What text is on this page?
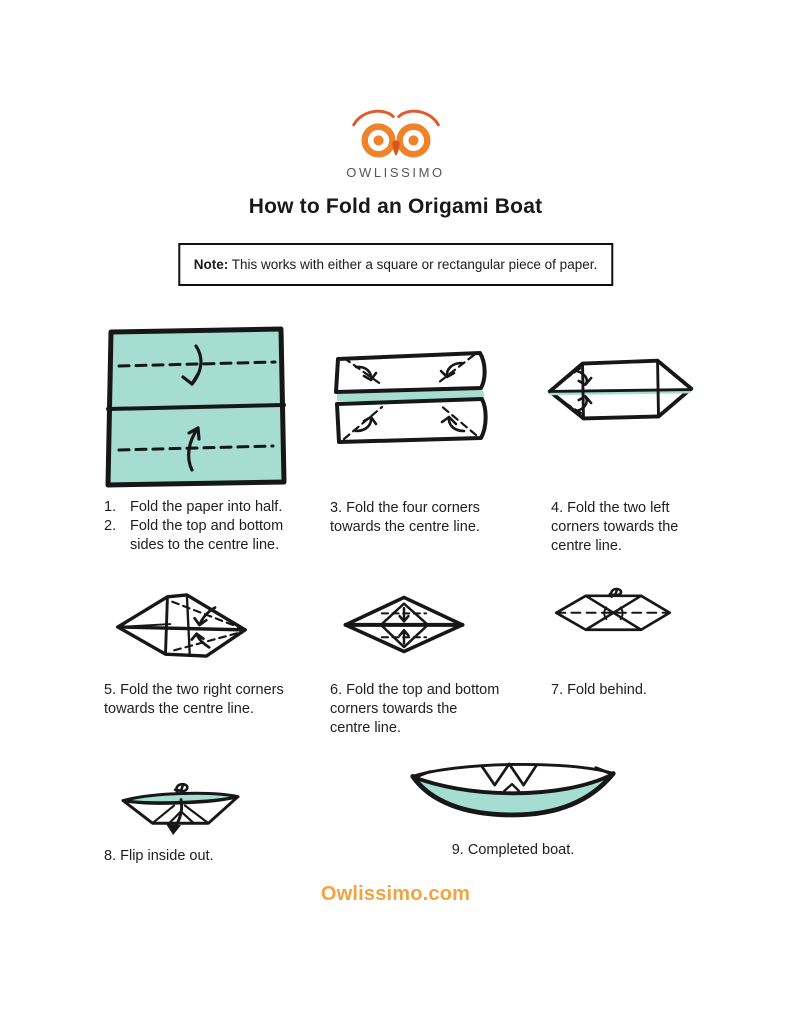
OWLISSIMO
How to Fold an Origami Boat
Note: This works with either a square or rectangular piece of paper.
1. Fold the paper into half.
2. Fold the top and bottom
sides to the centre line.
3. Fold the four corners
towards the centre line.
4. Fold the two left
corners towards the
centre line.
5. Fold the two right corners
towards the centre line.
6. Fold the top and bottom
corners towards the
centre line.
7. Fold behind.
8. Flip inside out.	9. Completed boat.
Owlissimo.com
